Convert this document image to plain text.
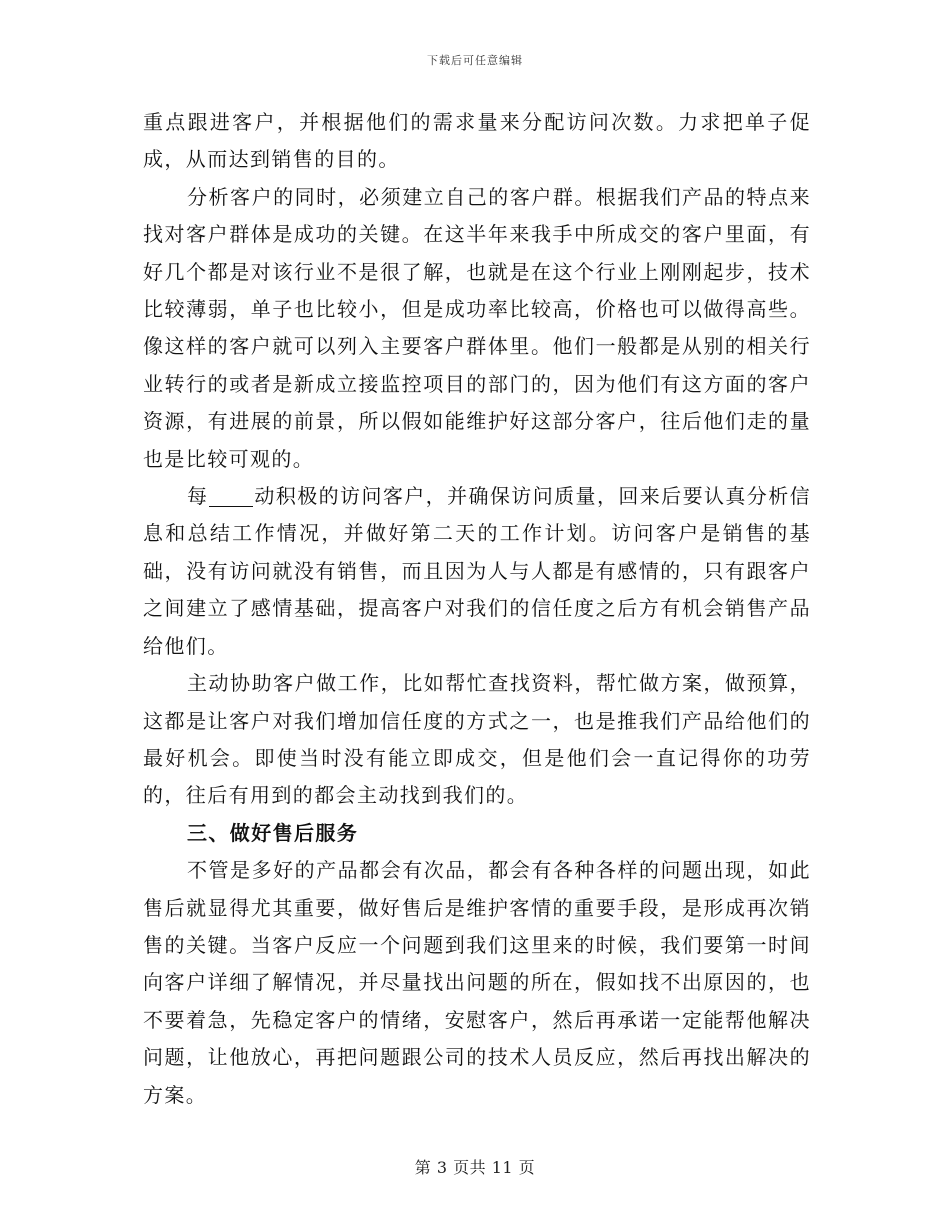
下载后可任意编辑

重点跟进客户，并根据他们的需求量来分配访问次数。力求把单子促成，从而达到销售的目的。

分析客户的同时，必须建立自己的客户群。根据我们产品的特点来找对客户群体是成功的关键。在这半年来我手中所成交的客户里面，有好几个都是对该行业不是很了解，也就是在这个行业上刚刚起步，技术比较薄弱，单子也比较小，但是成功率比较高，价格也可以做得高些。像这样的客户就可以列入主要客户群体里。他们一般都是从别的相关行业转行的或者是新成立接监控项目的部门的，因为他们有这方面的客户资源，有进展的前景，所以假如能维护好这部分客户，往后他们走的量也是比较可观的。

每 动积极的访问客户，并确保访问质量，回来后要认真分析信息和总结工作情况，并做好第二天的工作计划。访问客户是销售的基础，没有访问就没有销售，而且因为人与人都是有感情的，只有跟客户之间建立了感情基础，提高客户对我们的信任度之后方有机会销售产品给他们。

主动协助客户做工作，比如帮忙查找资料，帮忙做方案，做预算，这都是让客户对我们增加信任度的方式之一，也是推我们产品给他们的最好机会。即使当时没有能立即成交，但是他们会一直记得你的功劳的，往后有用到的都会主动找到我们的。

三、做好售后服务

不管是多好的产品都会有次品，都会有各种各样的问题出现，如此售后就显得尤其重要，做好售后是维护客情的重要手段，是形成再次销售的关键。当客户反应一个问题到我们这里来的时候，我们要第一时间向客户详细了解情况，并尽量找出问题的所在，假如找不出原因的，也不要着急，先稳定客户的情绪，安慰客户，然后再承诺一定能帮他解决问题，让他放心，再把问题跟公司的技术人员反应，然后再找出解决的方案。

第 3 页共 11 页
